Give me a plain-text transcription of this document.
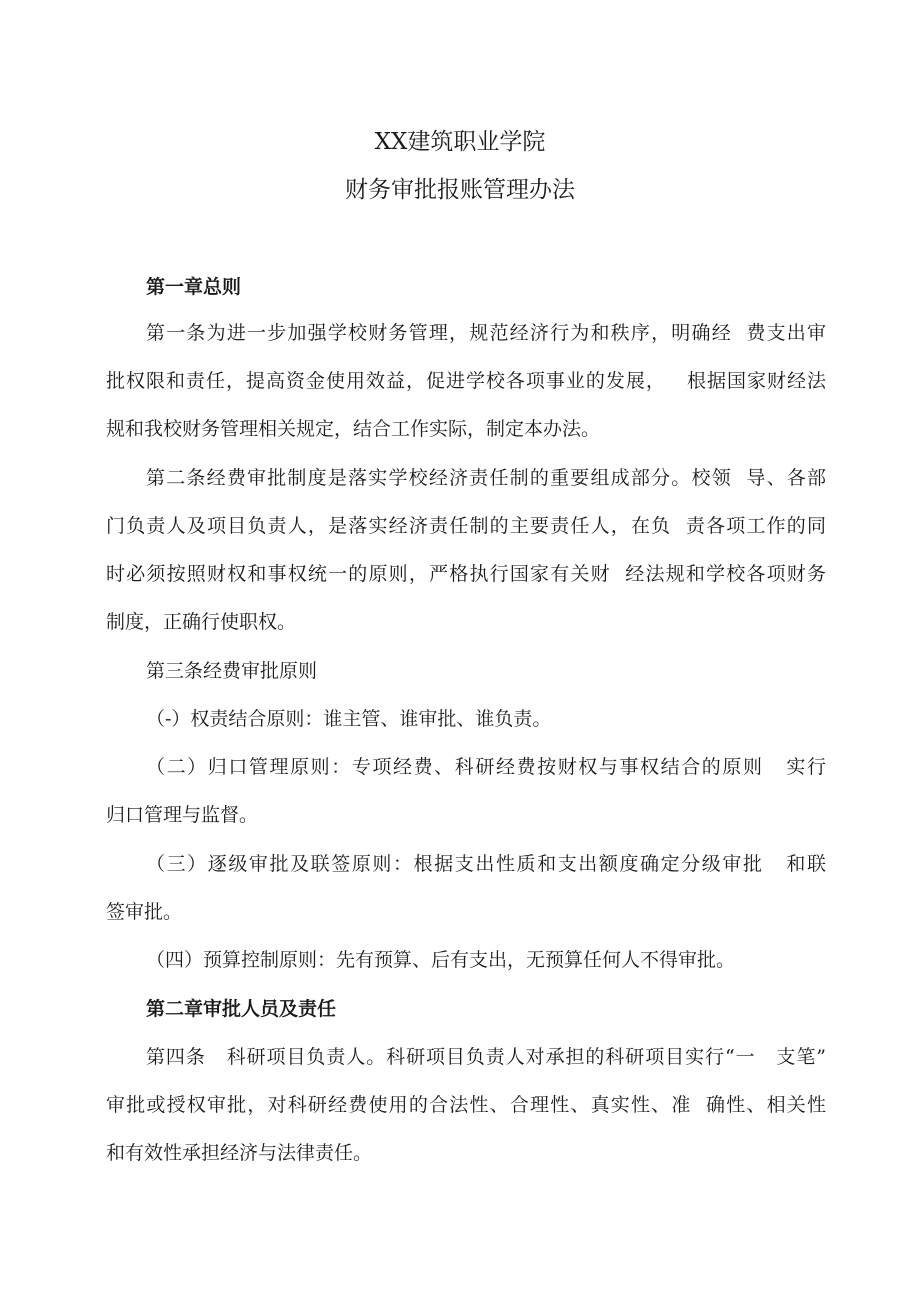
XX建筑职业学院
财务审批报账管理办法
第一章总则
第一条为进一步加强学校财务管理，规范经济行为和秩序，明确经  费支出审
批权限和责任，提高资金使用效益，促进学校各项事业的发展，   根据国家财经法
规和我校财务管理相关规定，结合工作实际，制定本办法。
第二条经费审批制度是落实学校经济责任制的重要组成部分。校领  导、各部
门负责人及项目负责人，是落实经济责任制的主要责任人，在负  责各项工作的同
时必须按照财权和事权统一的原则，严格执行国家有关财  经法规和学校各项财务
制度，正确行使职权。
第三条经费审批原则
（-）权责结合原则：谁主管、谁审批、谁负责。
（二）归口管理原则：专项经费、科研经费按财权与事权结合的原则   实行
归口管理与监督。
（三）逐级审批及联签原则：根据支出性质和支出额度确定分级审批   和联
签审批。
（四）预算控制原则：先有预算、后有支出，无预算任何人不得审批。
第二章审批人员及责任
第四条   科研项目负责人。科研项目负责人对承担的科研项目实行“一   支笔”
审批或授权审批，对科研经费使用的合法性、合理性、真实性、准  确性、相关性
和有效性承担经济与法律责任。
